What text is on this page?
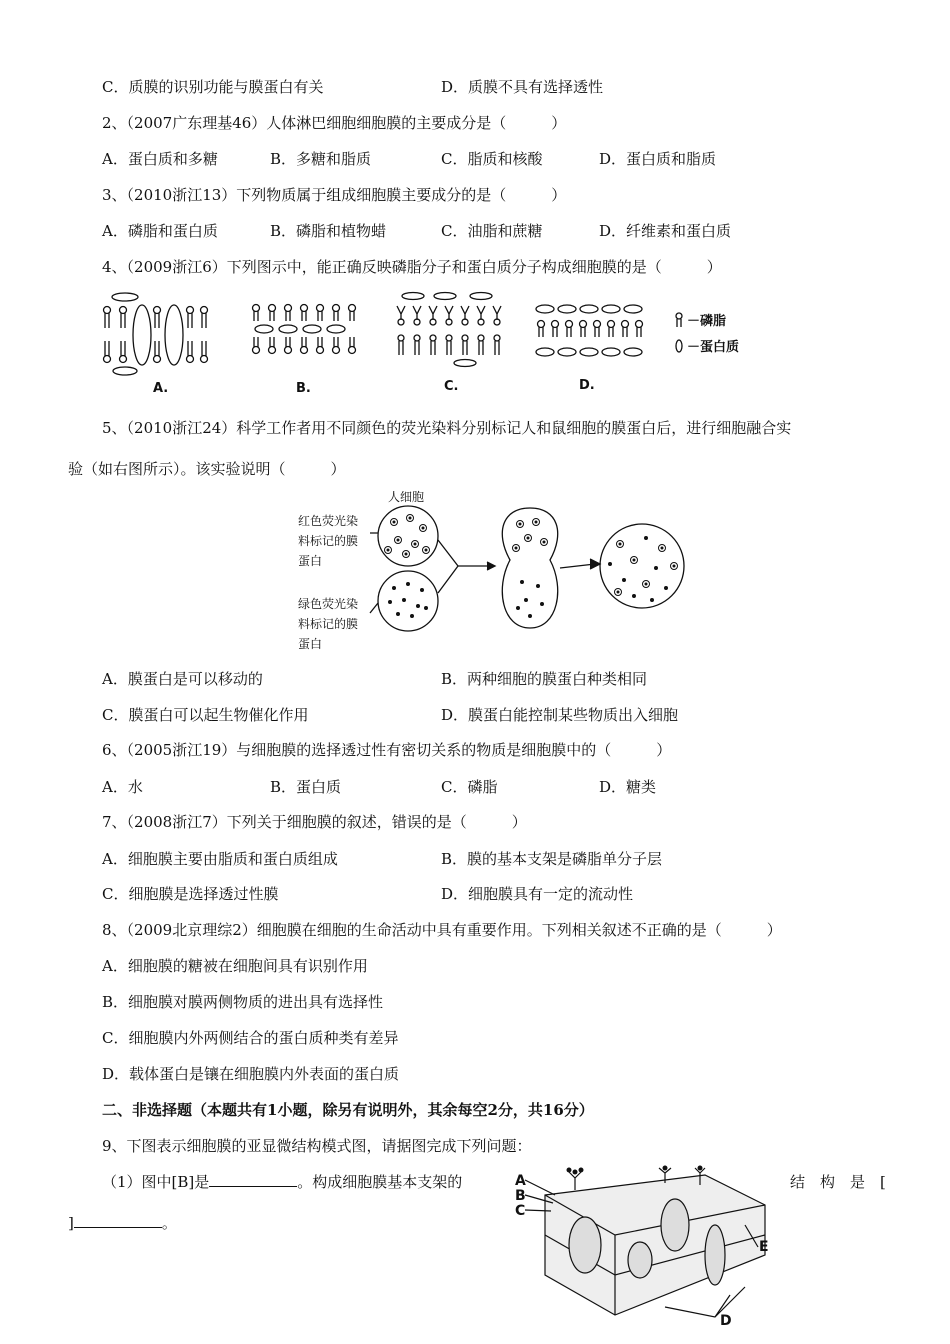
C．质膜的识别功能与膜蛋白有关	D．质膜不具有选择透性
2、（2007广东理基46）人体淋巴细胞细胞膜的主要成分是（　　　）
A．蛋白质和多糖	B．多糖和脂质	C．脂质和核酸	D．蛋白质和脂质
3、（2010浙江13）下列物质属于组成细胞膜主要成分的是（　　　）
A．磷脂和蛋白质	B．磷脂和植物蜡	C．油脂和蔗糖	D．纤维素和蛋白质
4、（2009浙江6）下列图示中，能正确反映磷脂分子和蛋白质分子构成细胞膜的是（　　　）
－磷脂
－蛋白质
A.	B.	C.	D.
5、（2010浙江24）科学工作者用不同颜色的荧光染料分别标记人和鼠细胞的膜蛋白后，进行细胞融合实
验（如右图所示）。该实验说明（　　　）
人细胞
红色荧光染
料标记的膜
蛋白
绿色荧光染
料标记的膜
蛋白
A．膜蛋白是可以移动的	B．两种细胞的膜蛋白种类相同
C．膜蛋白可以起生物催化作用	D．膜蛋白能控制某些物质出入细胞
6、（2005浙江19）与细胞膜的选择透过性有密切关系的物质是细胞膜中的（　　　）
A．水	B．蛋白质	C．磷脂	D．糖类
7、（2008浙江7）下列关于细胞膜的叙述，错误的是（　　　）
A．细胞膜主要由脂质和蛋白质组成	B．膜的基本支架是磷脂单分子层
C．细胞膜是选择透过性膜	D．细胞膜具有一定的流动性
8、（2009北京理综2）细胞膜在细胞的生命活动中具有重要作用。下列相关叙述不正确的是（　　　）
A．细胞膜的糖被在细胞间具有识别作用
B．细胞膜对膜两侧物质的进出具有选择性
C．细胞膜内外两侧结合的蛋白质种类有差异
D．载体蛋白是镶在细胞膜内外表面的蛋白质
二、非选择题（本题共有1小题，除另有说明外，其余每空2分，共16分）
9、下图表示细胞膜的亚显微结构模式图，请据图完成下列问题：
（1）图中[B]是	。构成细胞膜基本支架的	结　构　是　[
]	。
A
B
C
E
D
